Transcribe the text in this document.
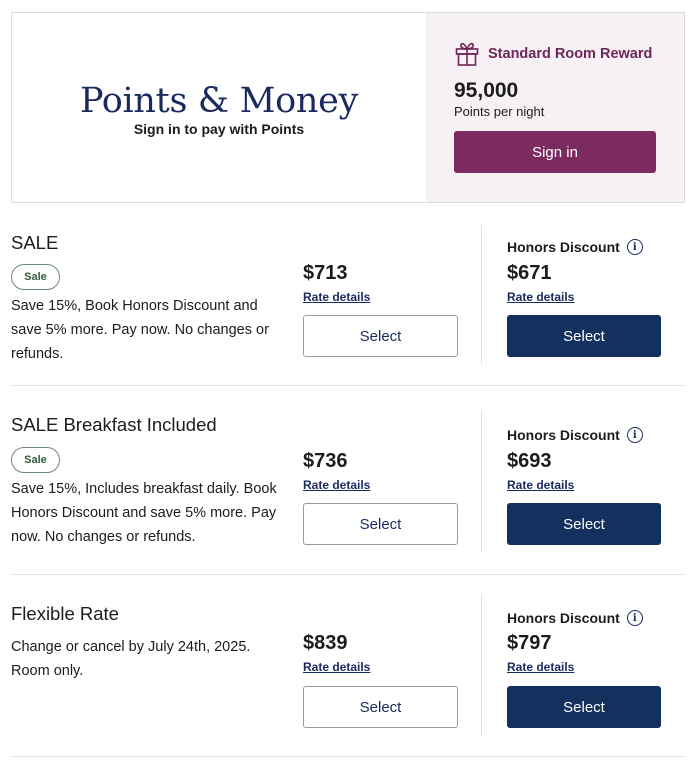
Points & Money
Sign in to pay with Points
Standard Room Reward
95,000
Points per night
Sign in
SALE
Sale
Save 15%, Book Honors Discount and save 5% more. Pay now. No changes or refunds.
$713
Rate details
Select
Honors Discount	i
$671
Rate details
Select
SALE Breakfast Included
Sale
Save 15%, Includes breakfast daily. Book Honors Discount and save 5% more. Pay now. No changes or refunds.
$736
Rate details
Select
Honors Discount	i
$693
Rate details
Select
Flexible Rate
Change or cancel by July 24th, 2025. Room only.
$839
Rate details
Select
Honors Discount	i
$797
Rate details
Select
